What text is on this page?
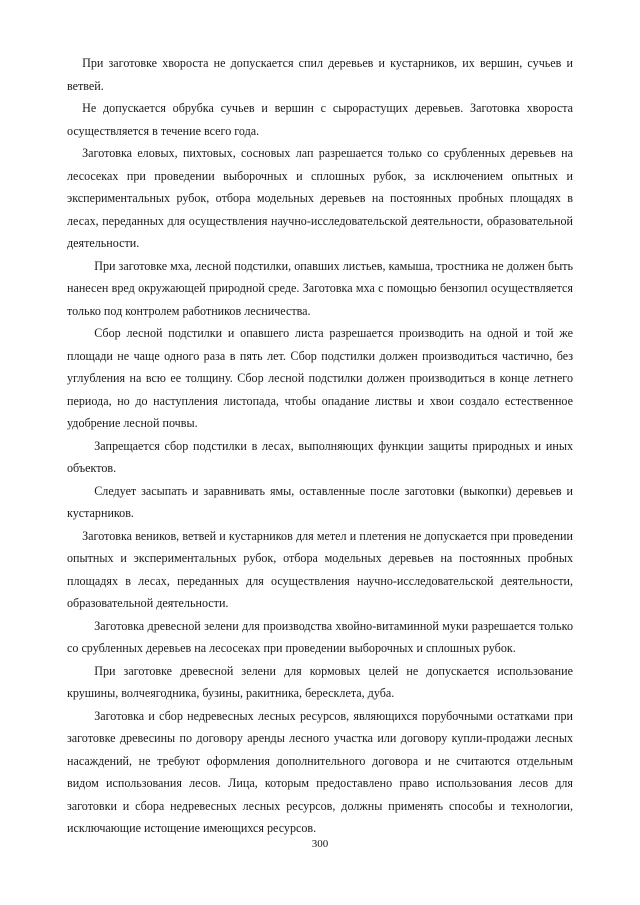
При заготовке хвороста не допускается спил деревьев и кустарников, их вершин, сучьев и ветвей.

Не допускается обрубка сучьев и вершин с сырорастущих деревьев. Заготовка хвороста осуществляется в течение всего года.

Заготовка еловых, пихтовых, сосновых лап разрешается только со срубленных деревьев на лесосеках при проведении выборочных и сплошных рубок, за исключением опытных и экспериментальных рубок, отбора модельных деревьев на постоянных пробных площадях в лесах, переданных для осуществления научно-исследовательской деятельности, образовательной деятельности.

При заготовке мха, лесной подстилки, опавших листьев, камыша, тростника не должен быть нанесен вред окружающей природной среде. Заготовка мха с помощью бензопил осуществляется только под контролем работников лесничества.

Сбор лесной подстилки и опавшего листа разрешается производить на одной и той же площади не чаще одного раза в пять лет. Сбор подстилки должен производиться частично, без углубления на всю ее толщину. Сбор лесной подстилки должен производиться в конце летнего периода, но до наступления листопада, чтобы опадание листвы и хвои создало естественное удобрение лесной почвы.

Запрещается сбор подстилки в лесах, выполняющих функции защиты природных и иных объектов.

Следует засыпать и заравнивать ямы, оставленные после заготовки (выкопки) деревьев и кустарников.

Заготовка веников, ветвей и кустарников для метел и плетения не допускается при проведении опытных и экспериментальных рубок, отбора модельных деревьев на постоянных пробных площадях в лесах, переданных для осуществления научно-исследовательской деятельности, образовательной деятельности.

Заготовка древесной зелени для производства хвойно-витаминной муки разрешается только со срубленных деревьев на лесосеках при проведении выборочных и сплошных рубок.

При заготовке древесной зелени для кормовых целей не допускается использование крушины, волчеягодника, бузины, ракитника, бересклета, дуба.

Заготовка и сбор недревесных лесных ресурсов, являющихся порубочными остатками при заготовке древесины по договору аренды лесного участка или договору купли-продажи лесных насаждений, не требуют оформления дополнительного договора и не считаются отдельным видом использования лесов. Лица, которым предоставлено право использования лесов для заготовки и сбора недревесных лесных ресурсов, должны применять способы и технологии, исключающие истощение имеющихся ресурсов.

300
